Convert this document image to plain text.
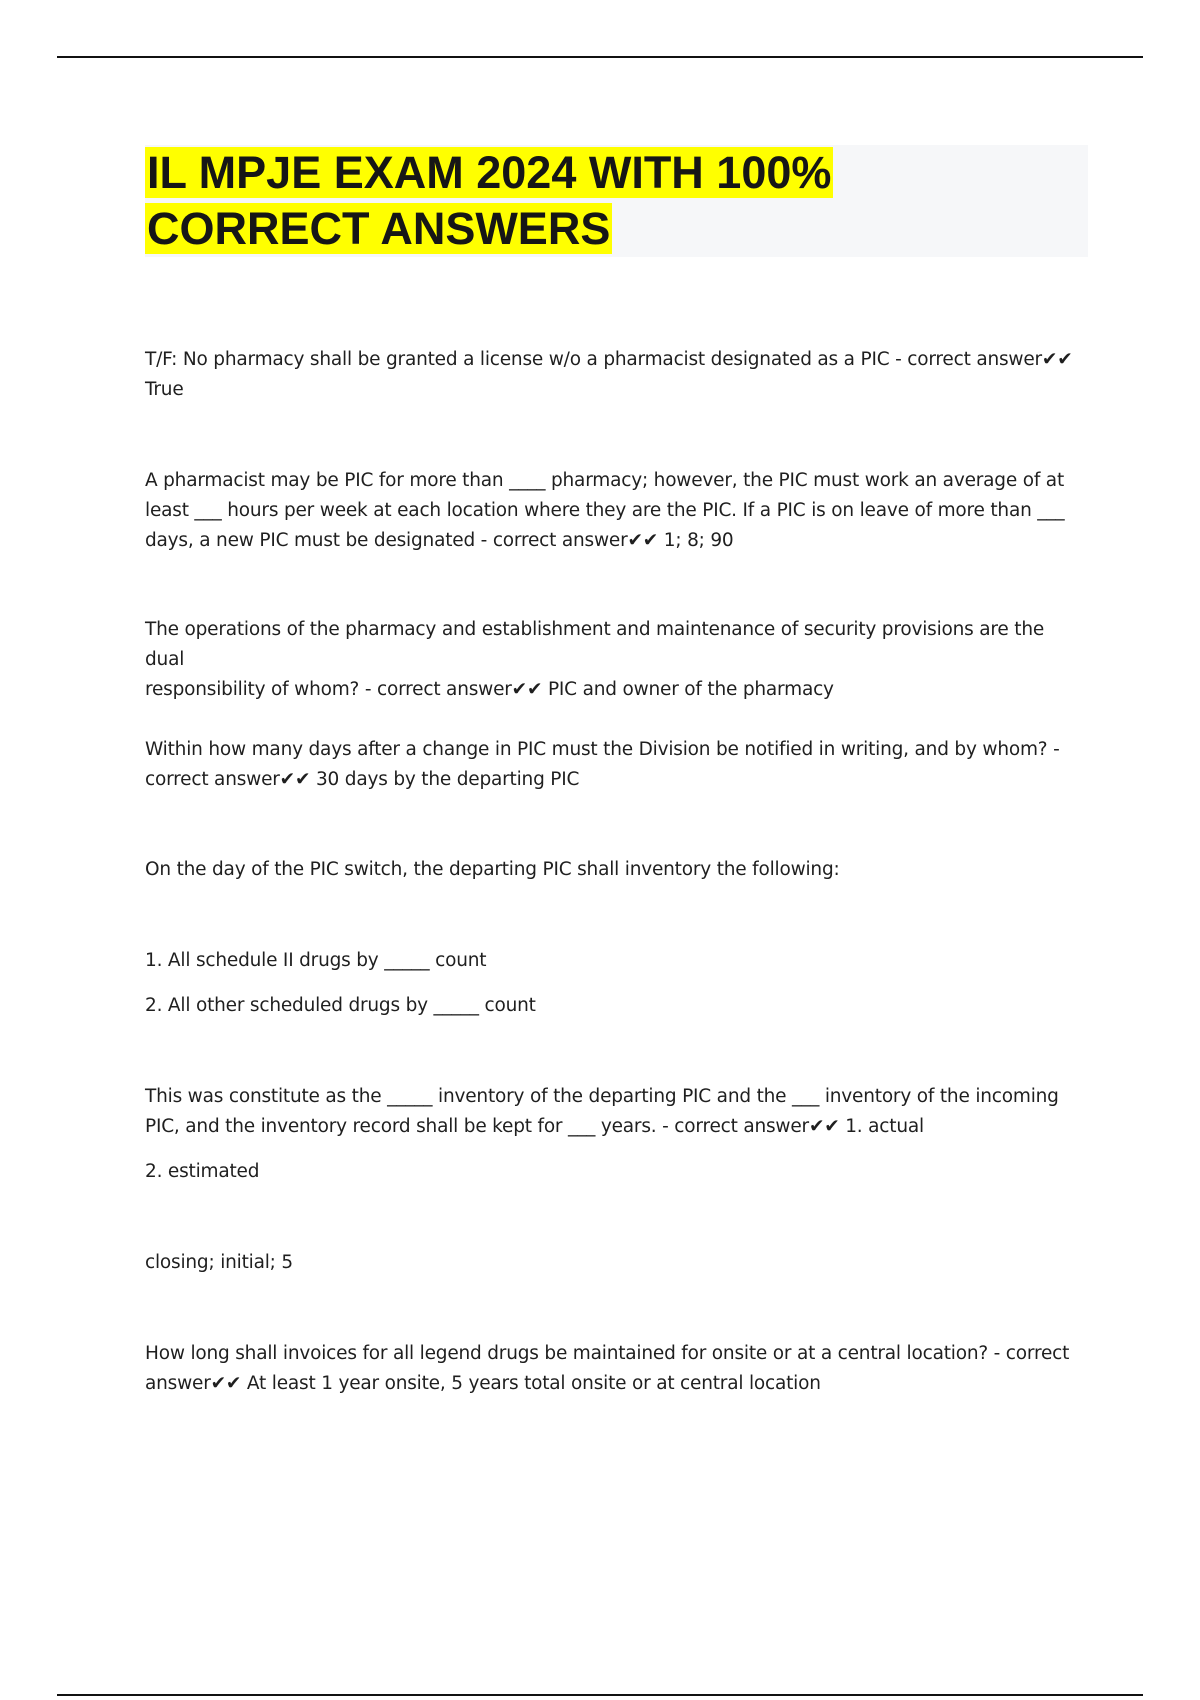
IL MPJE EXAM 2024 WITH 100%
CORRECT ANSWERS

T/F: No pharmacy shall be granted a license w/o a pharmacist designated as a PIC - correct answer✔✔
True

A pharmacist may be PIC for more than ____ pharmacy; however, the PIC must work an average of at
least ___ hours per week at each location where they are the PIC. If a PIC is on leave of more than ___
days, a new PIC must be designated - correct answer✔✔ 1; 8; 90

The operations of the pharmacy and establishment and maintenance of security provisions are the dual
responsibility of whom? - correct answer✔✔ PIC and owner of the pharmacy

Within how many days after a change in PIC must the Division be notified in writing, and by whom? -
correct answer✔✔ 30 days by the departing PIC

On the day of the PIC switch, the departing PIC shall inventory the following:

1. All schedule II drugs by _____ count

2. All other scheduled drugs by _____ count

This was constitute as the _____ inventory of the departing PIC and the ___ inventory of the incoming
PIC, and the inventory record shall be kept for ___ years. - correct answer✔✔ 1. actual

2. estimated

closing; initial; 5

How long shall invoices for all legend drugs be maintained for onsite or at a central location? - correct
answer✔✔ At least 1 year onsite, 5 years total onsite or at central location
